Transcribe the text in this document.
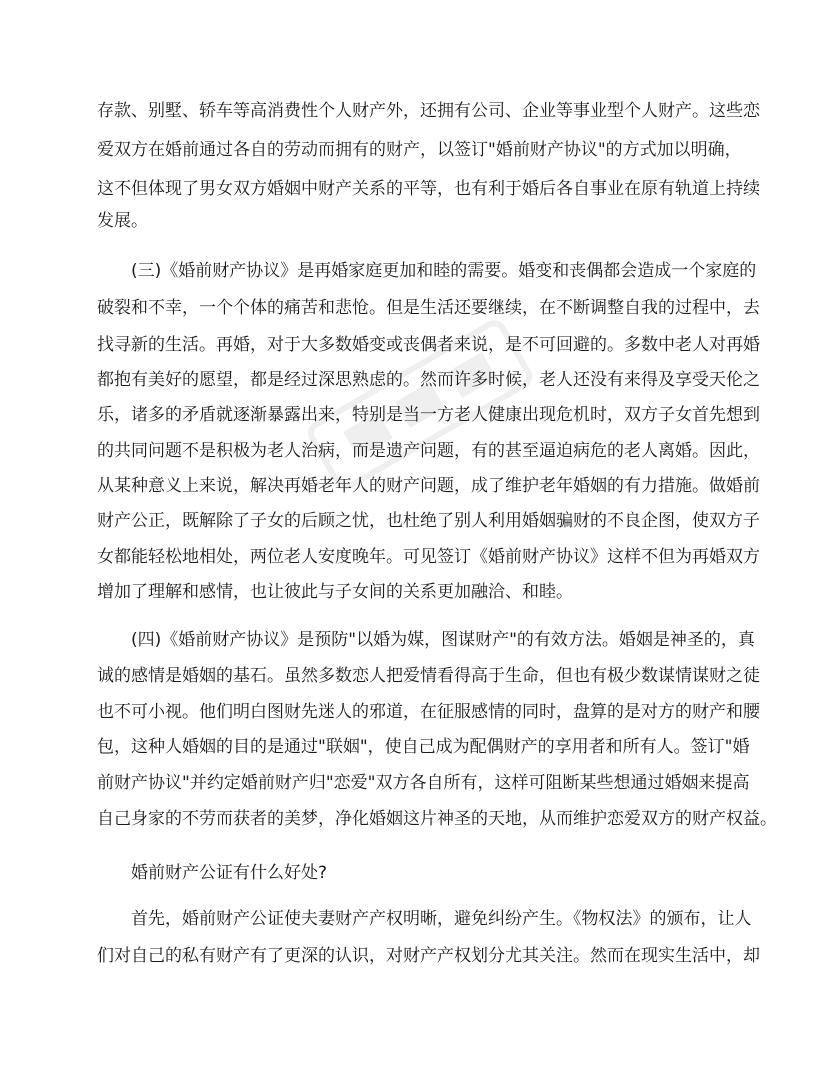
存款、别墅、轿车等高消费性个人财产外，还拥有公司、企业等事业型个人财产。这些恋
爱双方在婚前通过各自的劳动而拥有的财产，以签订"婚前财产协议"的方式加以明确，
这不但体现了男女双方婚姻中财产关系的平等，也有利于婚后各自事业在原有轨道上持续
发展。
(三)《婚前财产协议》是再婚家庭更加和睦的需要。婚变和丧偶都会造成一个家庭的
破裂和不幸，一个个体的痛苦和悲怆。但是生活还要继续，在不断调整自我的过程中，去
找寻新的生活。再婚，对于大多数婚变或丧偶者来说，是不可回避的。多数中老人对再婚
都抱有美好的愿望，都是经过深思熟虑的。然而许多时候，老人还没有来得及享受天伦之
乐，诸多的矛盾就逐渐暴露出来，特别是当一方老人健康出现危机时，双方子女首先想到
的共同问题不是积极为老人治病，而是遗产问题，有的甚至逼迫病危的老人离婚。因此，
从某种意义上来说，解决再婚老年人的财产问题，成了维护老年婚姻的有力措施。做婚前
财产公正，既解除了子女的后顾之忧，也杜绝了别人利用婚姻骗财的不良企图，使双方子
女都能轻松地相处，两位老人安度晚年。可见签订《婚前财产协议》这样不但为再婚双方
增加了理解和感情，也让彼此与子女间的关系更加融洽、和睦。
(四)《婚前财产协议》是预防"以婚为媒，图谋财产"的有效方法。婚姻是神圣的，真
诚的感情是婚姻的基石。虽然多数恋人把爱情看得高于生命，但也有极少数谋情谋财之徒
也不可小视。他们明白图财先迷人的邪道，在征服感情的同时，盘算的是对方的财产和腰
包，这种人婚姻的目的是通过"联姻"，使自己成为配偶财产的享用者和所有人。签订"婚
前财产协议"并约定婚前财产归"恋爱"双方各自所有，这样可阻断某些想通过婚姻来提高
自己身家的不劳而获者的美梦，净化婚姻这片神圣的天地，从而维护恋爱双方的财产权益。
婚前财产公证有什么好处?
首先，婚前财产公证使夫妻财产产权明晰，避免纠纷产生。《物权法》的颁布，让人
们对自己的私有财产有了更深的认识，对财产产权划分尤其关注。然而在现实生活中，却
